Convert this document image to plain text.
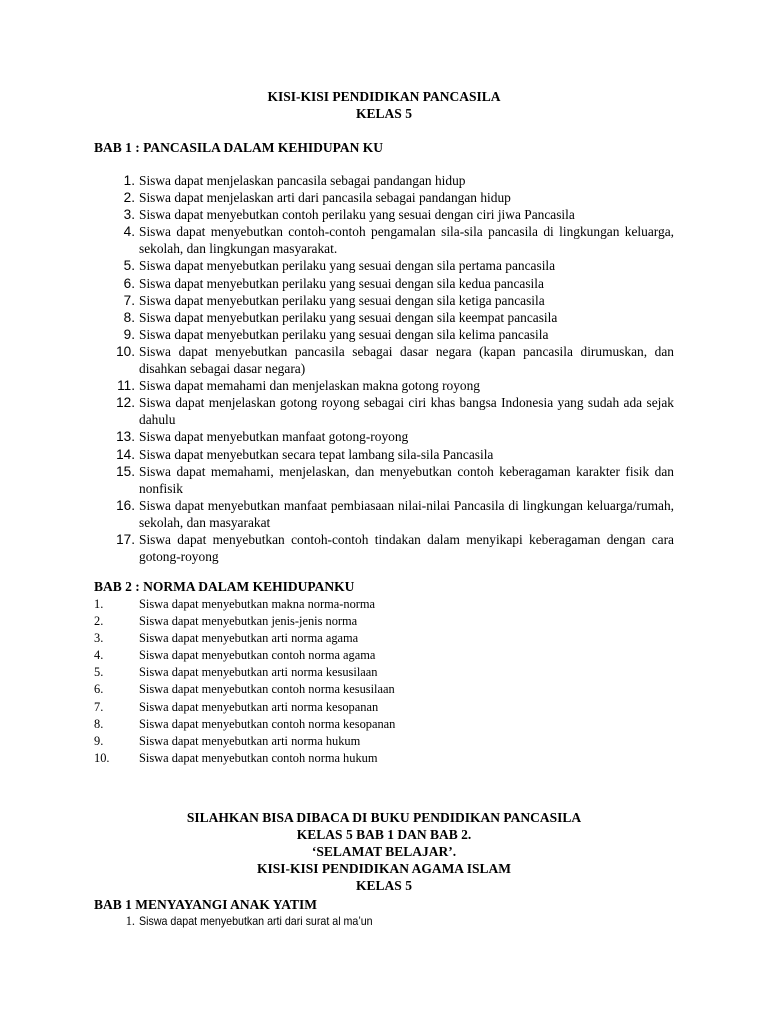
KISI-KISI PENDIDIKAN PANCASILA
KELAS 5
BAB 1 : PANCASILA DALAM KEHIDUPAN KU
1. Siswa dapat menjelaskan pancasila sebagai pandangan hidup
2. Siswa dapat menjelaskan arti dari pancasila sebagai pandangan hidup
3. Siswa dapat menyebutkan contoh perilaku yang sesuai dengan ciri jiwa Pancasila
4. Siswa dapat menyebutkan contoh-contoh pengamalan sila-sila pancasila di lingkungan keluarga, sekolah, dan lingkungan masyarakat.
5. Siswa dapat menyebutkan perilaku yang sesuai dengan sila pertama pancasila
6. Siswa dapat menyebutkan perilaku yang sesuai dengan sila kedua pancasila
7. Siswa dapat menyebutkan perilaku yang sesuai dengan sila ketiga pancasila
8. Siswa dapat menyebutkan perilaku yang sesuai dengan sila keempat pancasila
9. Siswa dapat menyebutkan perilaku yang sesuai dengan sila kelima pancasila
10. Siswa dapat menyebutkan pancasila sebagai dasar negara (kapan pancasila dirumuskan, dan disahkan sebagai dasar negara)
11. Siswa dapat memahami dan menjelaskan makna gotong royong
12. Siswa dapat menjelaskan gotong royong sebagai ciri khas bangsa Indonesia yang sudah ada sejak dahulu
13. Siswa dapat menyebutkan manfaat gotong-royong
14. Siswa dapat menyebutkan secara tepat lambang sila-sila Pancasila
15. Siswa dapat memahami, menjelaskan, dan menyebutkan contoh keberagaman karakter fisik dan nonfisik
16. Siswa dapat menyebutkan manfaat pembiasaan nilai-nilai Pancasila di lingkungan keluarga/rumah, sekolah, dan masyarakat
17. Siswa dapat menyebutkan contoh-contoh tindakan dalam menyikapi keberagaman dengan cara gotong-royong
BAB 2 : NORMA DALAM KEHIDUPANKU
1.	Siswa dapat menyebutkan makna norma-norma
2.	Siswa dapat menyebutkan jenis-jenis norma
3.	Siswa dapat menyebutkan arti norma agama
4.	Siswa dapat menyebutkan contoh norma agama
5.	Siswa dapat menyebutkan arti norma kesusilaan
6.	Siswa dapat menyebutkan contoh norma kesusilaan
7.	Siswa dapat menyebutkan arti norma kesopanan
8.	Siswa dapat menyebutkan contoh norma kesopanan
9.	Siswa dapat menyebutkan arti norma hukum
10.	Siswa dapat menyebutkan contoh norma hukum
SILAHKAN BISA DIBACA DI BUKU PENDIDIKAN PANCASILA
KELAS 5 BAB 1 DAN BAB 2.
‘SELAMAT BELAJAR’.
KISI-KISI PENDIDIKAN AGAMA ISLAM
KELAS 5
BAB 1 MENYAYANGI ANAK YATIM
1. Siswa dapat menyebutkan arti dari surat al ma’un
